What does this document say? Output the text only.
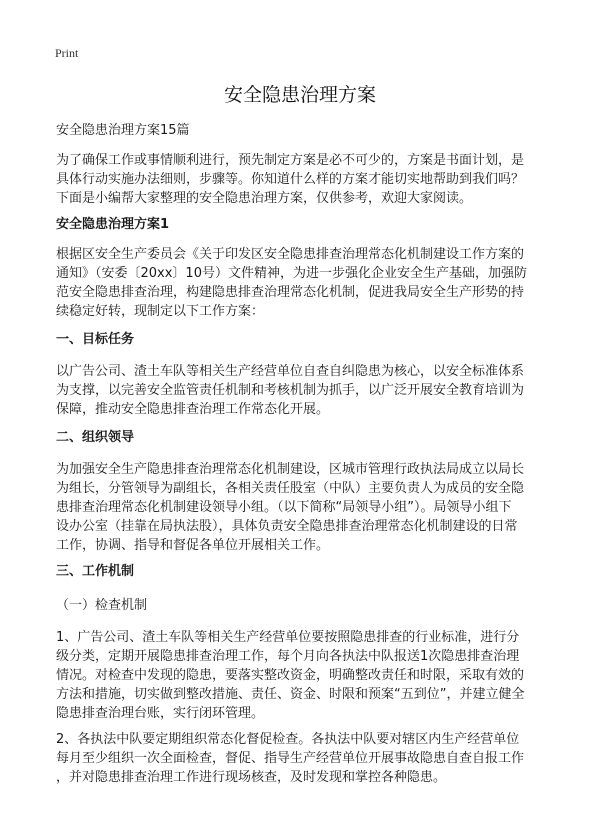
Print
安全隐患治理方案
安全隐患治理方案15篇
为了确保工作或事情顺利进行，预先制定方案是必不可少的，方案是书面计划，是
具体行动实施办法细则，步骤等。你知道什么样的方案才能切实地帮助到我们吗？
下面是小编帮大家整理的安全隐患治理方案，仅供参考，欢迎大家阅读。
安全隐患治理方案1
根据区安全生产委员会《关于印发区安全隐患排查治理常态化机制建设工作方案的
通知》（安委〔20xx〕10号）文件精神，为进一步强化企业安全生产基础，加强防
范安全隐患排查治理，构建隐患排查治理常态化机制，促进我局安全生产形势的持
续稳定好转，现制定以下工作方案：
一、目标任务
以广告公司、渣土车队等相关生产经营单位自查自纠隐患为核心，以安全标准体系
为支撑，以完善安全监管责任机制和考核机制为抓手，以广泛开展安全教育培训为
保障，推动安全隐患排查治理工作常态化开展。
二、组织领导
为加强安全生产隐患排查治理常态化机制建设，区城市管理行政执法局成立以局长
为组长，分管领导为副组长，各相关责任股室（中队）主要负责人为成员的安全隐
患排查治理常态化机制建设领导小组。（以下简称“局领导小组”）。局领导小组下
设办公室（挂靠在局执法股），具体负责安全隐患排查治理常态化机制建设的日常
工作，协调、指导和督促各单位开展相关工作。
三、工作机制
（一）检查机制
1、广告公司、渣土车队等相关生产经营单位要按照隐患排查的行业标准，进行分
级分类，定期开展隐患排查治理工作，每个月向各执法中队报送1次隐患排查治理
情况。对检查中发现的隐患，要落实整改资金，明确整改责任和时限，采取有效的
方法和措施，切实做到整改措施、责任、资金、时限和预案“五到位”，并建立健全
隐患排查治理台账，实行闭环管理。
2、各执法中队要定期组织常态化督促检查。各执法中队要对辖区内生产经营单位
每月至少组织一次全面检查，督促、指导生产经营单位开展事故隐患自查自报工作
，并对隐患排查治理工作进行现场核查，及时发现和掌控各种隐患。
